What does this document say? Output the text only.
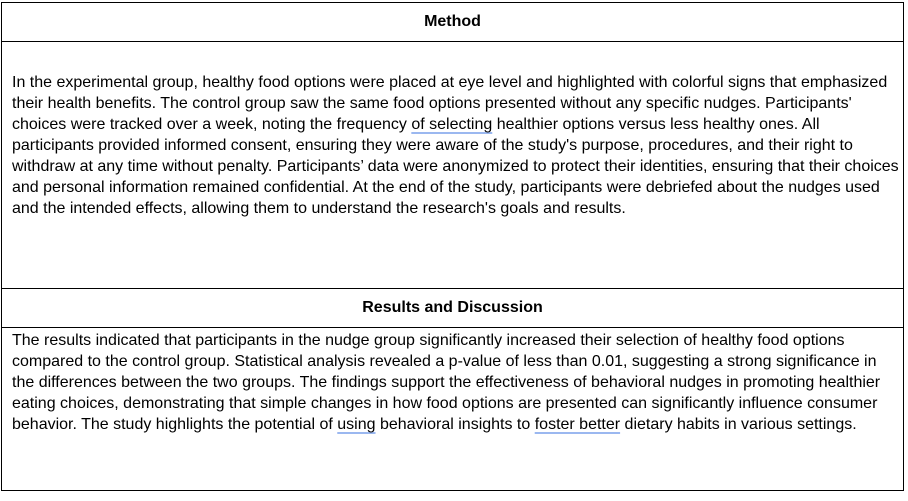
Method

In the experimental group, healthy food options were placed at eye level and highlighted with colorful signs that emphasized their health benefits. The control group saw the same food options presented without any specific nudges. Participants' choices were tracked over a week, noting the frequency of selecting healthier options versus less healthy ones. All participants provided informed consent, ensuring they were aware of the study's purpose, procedures, and their right to withdraw at any time without penalty. Participants’ data were anonymized to protect their identities, ensuring that their choices and personal information remained confidential. At the end of the study, participants were debriefed about the nudges used and the intended effects, allowing them to understand the research's goals and results.

Results and Discussion

The results indicated that participants in the nudge group significantly increased their selection of healthy food options compared to the control group. Statistical analysis revealed a p-value of less than 0.01, suggesting a strong significance in the differences between the two groups. The findings support the effectiveness of behavioral nudges in promoting healthier eating choices, demonstrating that simple changes in how food options are presented can significantly influence consumer behavior. The study highlights the potential of using behavioral insights to foster better dietary habits in various settings.
